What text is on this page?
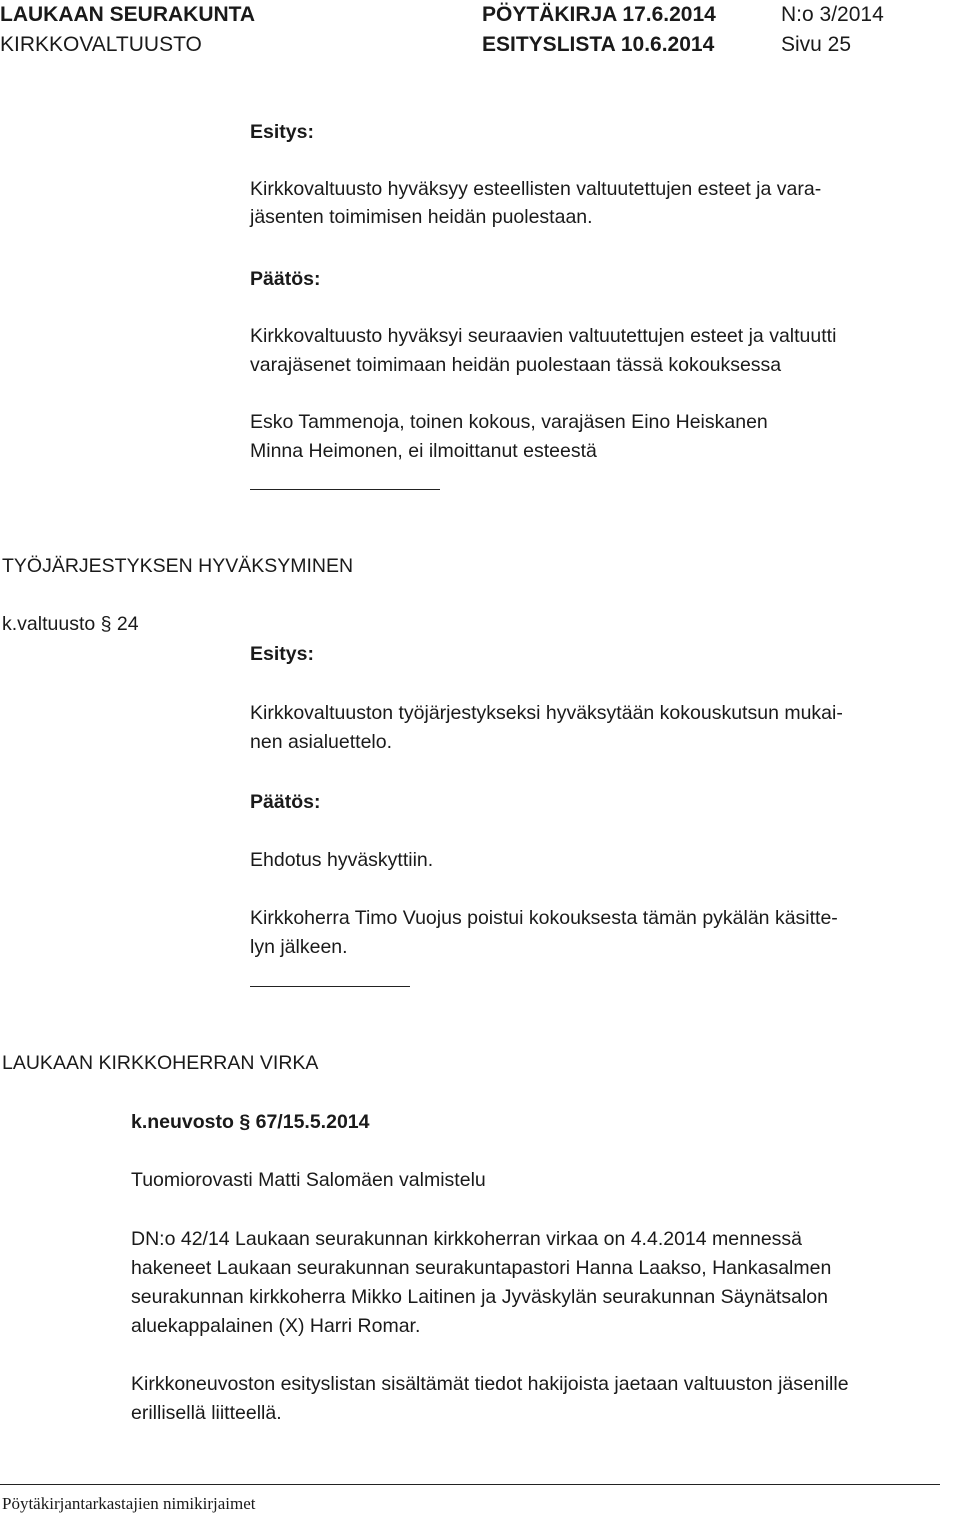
LAUKAAN SEURAKUNTA	PÖYTÄKIRJA 17.6.2014	N:o 3/2014
KIRKKOVALTUUSTO	ESITYSLISTA 10.6.2014	Sivu 25
Esitys:
Kirkkovaltuusto hyväksyy esteellisten valtuutettujen esteet ja vara-
jäsenten toimimisen heidän puolestaan.
Päätös:
Kirkkovaltuusto hyväksyi seuraavien valtuutettujen esteet ja valtuutti
varajäsenet toimimaan heidän puolestaan tässä kokouksessa
Esko Tammenoja, toinen kokous, varajäsen Eino Heiskanen
Minna Heimonen, ei ilmoittanut esteestä
TYÖJÄRJESTYKSEN HYVÄKSYMINEN
k.valtuusto § 24
Esitys:
Kirkkovaltuuston työjärjestykseksi hyväksytään kokouskutsun mukai-
nen asialuettelo.
Päätös:
Ehdotus hyväskyttiin.
Kirkkoherra Timo Vuojus poistui kokouksesta tämän pykälän käsitte-
lyn jälkeen.
LAUKAAN KIRKKOHERRAN VIRKA
k.neuvosto § 67/15.5.2014
Tuomiorovasti Matti Salomäen valmistelu
DN:o 42/14 Laukaan seurakunnan kirkkoherran virkaa on 4.4.2014 mennessä
hakeneet Laukaan seurakunnan seurakuntapastori Hanna Laakso, Hankasalmen
seurakunnan kirkkoherra Mikko Laitinen ja Jyväskylän seurakunnan Säynätsalon
aluekappalainen (X) Harri Romar.
Kirkkoneuvoston esityslistan sisältämät tiedot hakijoista jaetaan valtuuston jäsenille
erillisellä liitteellä.
Pöytäkirjantarkastajien nimikirjaimet
